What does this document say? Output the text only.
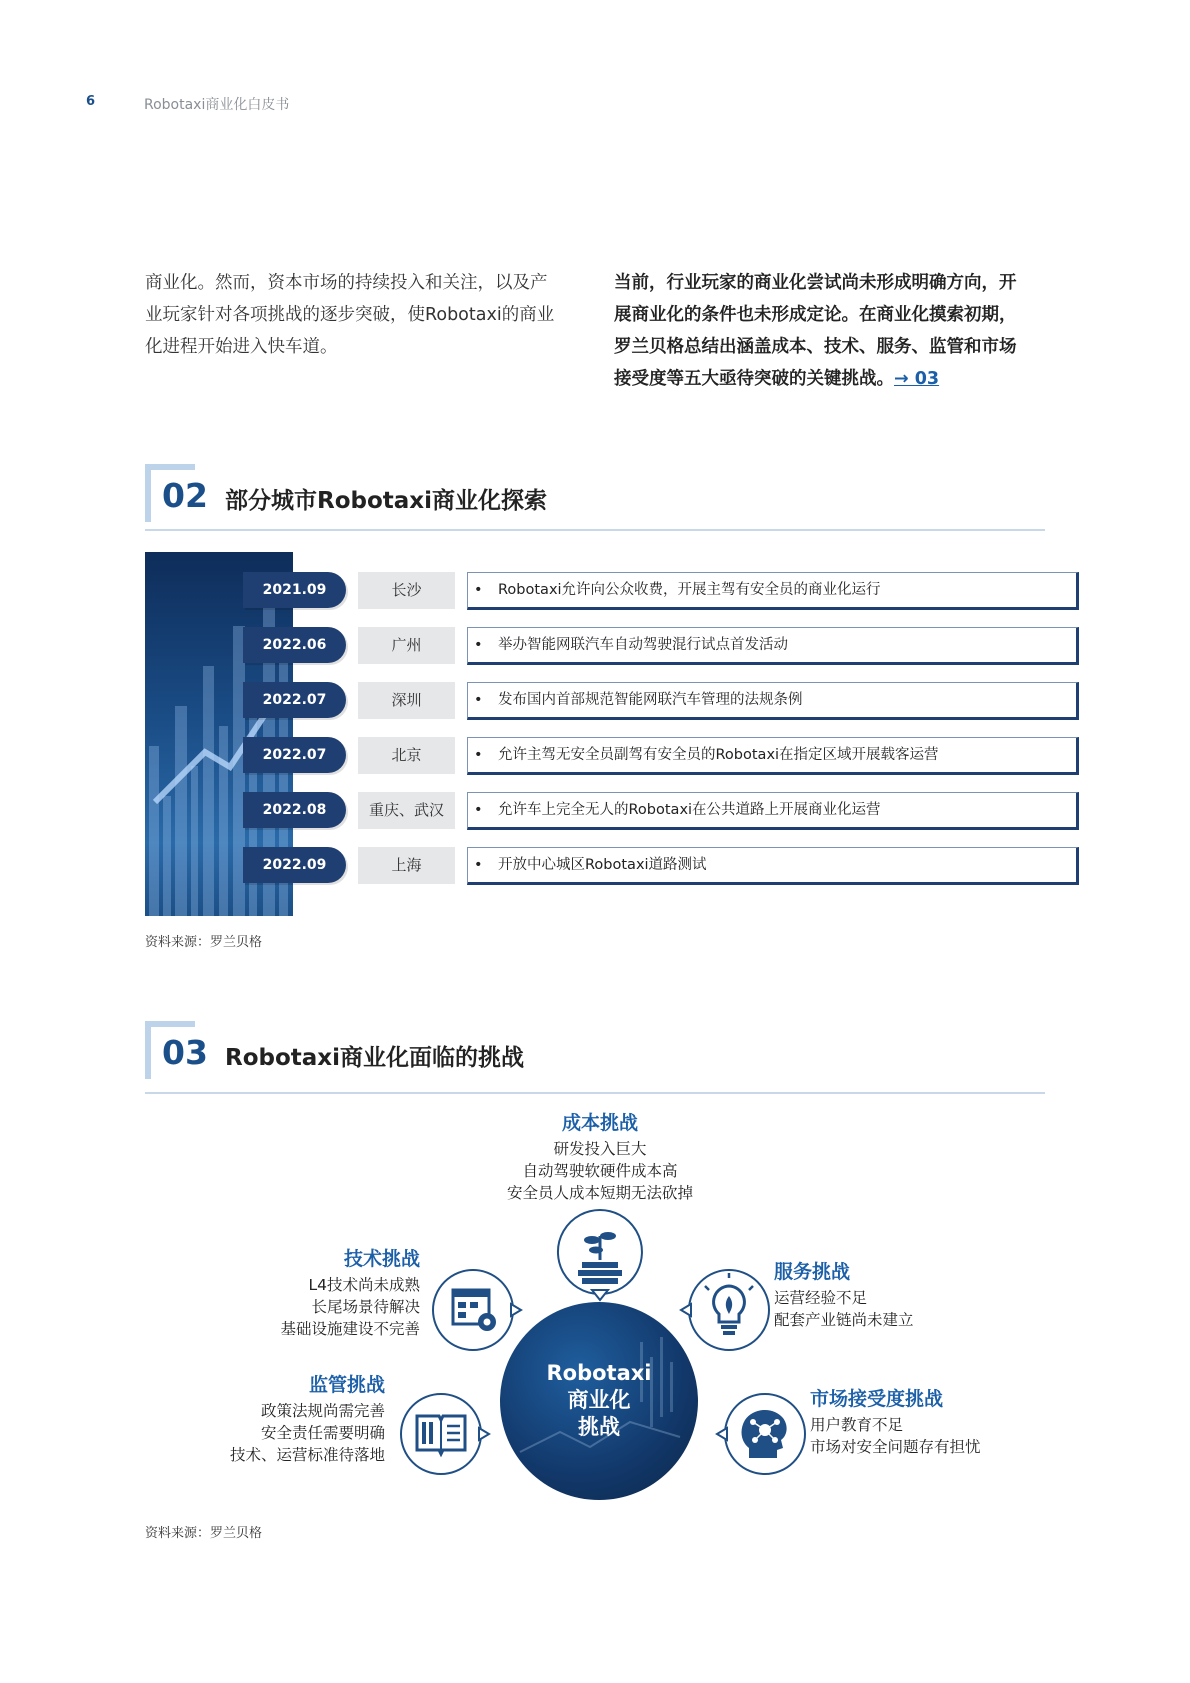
6	Robotaxi商业化白皮书
商业化。然而，资本市场的持续投入和关注，以及产
业玩家针对各项挑战的逐步突破，使Robotaxi的商业
化进程开始进入快车道。
当前，行业玩家的商业化尝试尚未形成明确方向，开
展商业化的条件也未形成定论。在商业化摸索初期，
罗兰贝格总结出涵盖成本、技术、服务、监管和市场
接受度等五大亟待突破的关键挑战。→ 03
02 部分城市Robotaxi商业化探索
2021.09	长沙	• Robotaxi允许向公众收费，开展主驾有安全员的商业化运行
2022.06	广州	• 举办智能网联汽车自动驾驶混行试点首发活动
2022.07	深圳	• 发布国内首部规范智能网联汽车管理的法规条例
2022.07	北京	• 允许主驾无安全员副驾有安全员的Robotaxi在指定区域开展载客运营
2022.08	重庆、武汉	• 允许车上完全无人的Robotaxi在公共道路上开展商业化运营
2022.09	上海	• 开放中心城区Robotaxi道路测试
资料来源：罗兰贝格
03 Robotaxi商业化面临的挑战
成本挑战
研发投入巨大
自动驾驶软硬件成本高
安全员人成本短期无法砍掉
技术挑战
L4技术尚未成熟
长尾场景待解决
基础设施建设不完善
服务挑战
运营经验不足
配套产业链尚未建立
监管挑战
政策法规尚需完善
安全责任需要明确
技术、运营标准待落地
市场接受度挑战
用户教育不足
市场对安全问题存有担忧
Robotaxi
商业化
挑战
资料来源：罗兰贝格
